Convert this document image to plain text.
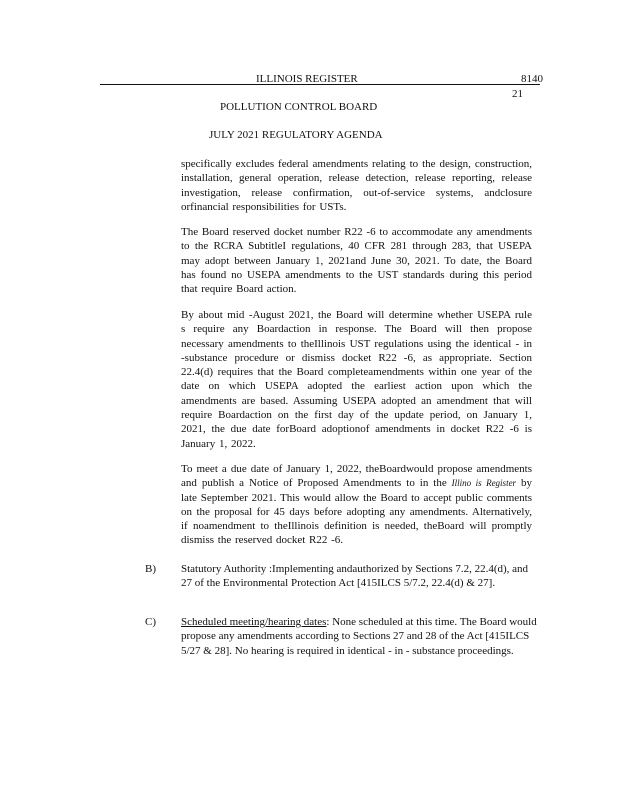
ILLINOIS REGISTER	8140
21
POLLUTION CONTROL BOARD
JULY 2021 REGULATORY AGENDA
specifically excludes federal amendments relating to the design, construction, installation, general operation, release detection, release reporting, release investigation, release confirmation, out-of-service systems, andclosure orfinancial responsibilities for USTs.
The Board reserved docket number R22 -6 to accommodate any amendments to the RCRA SubtitleI regulations, 40 CFR 281 through 283, that USEPA may adopt between January 1, 2021and June 30, 2021. To date, the Board has found no USEPA amendments to the UST standards during this period that require Board action.
By about mid -August 2021, the Board will determine whether USEPA rule s require any Boardaction in response. The Board will then propose necessary amendments to theIllinois UST regulations using the identical - in -substance procedure or dismiss docket R22 -6, as appropriate. Section 22.4(d) requires that the Board completeamendments within one year of the date on which USEPA adopted the earliest action upon which the amendments are based. Assuming USEPA adopted an amendment that will require Boardaction on the first day of the update period, on January 1, 2021, the due date forBoard adoptionof amendments in docket R22 -6 is January 1, 2022.
To meet a due date of January 1, 2022, theBoardwould propose amendments and publish a Notice of Proposed Amendments to in the Illino is Register by late September 2021. This would allow the Board to accept public comments on the proposal for 45 days before adopting any amendments. Alternatively, if noamendment to theIllinois definition is needed, theBoard will promptly dismiss the reserved docket R22 -6.
B) Statutory Authority :Implementing andauthorized by Sections 7.2, 22.4(d), and 27 of the Environmental Protection Act [415ILCS 5/7.2, 22.4(d) & 27].
C) Scheduled meeting/hearing dates: None scheduled at this time. The Board would propose any amendments according to Sections 27 and 28 of the Act [415ILCS 5/27 & 28]. No hearing is required in identical - in - substance proceedings.
